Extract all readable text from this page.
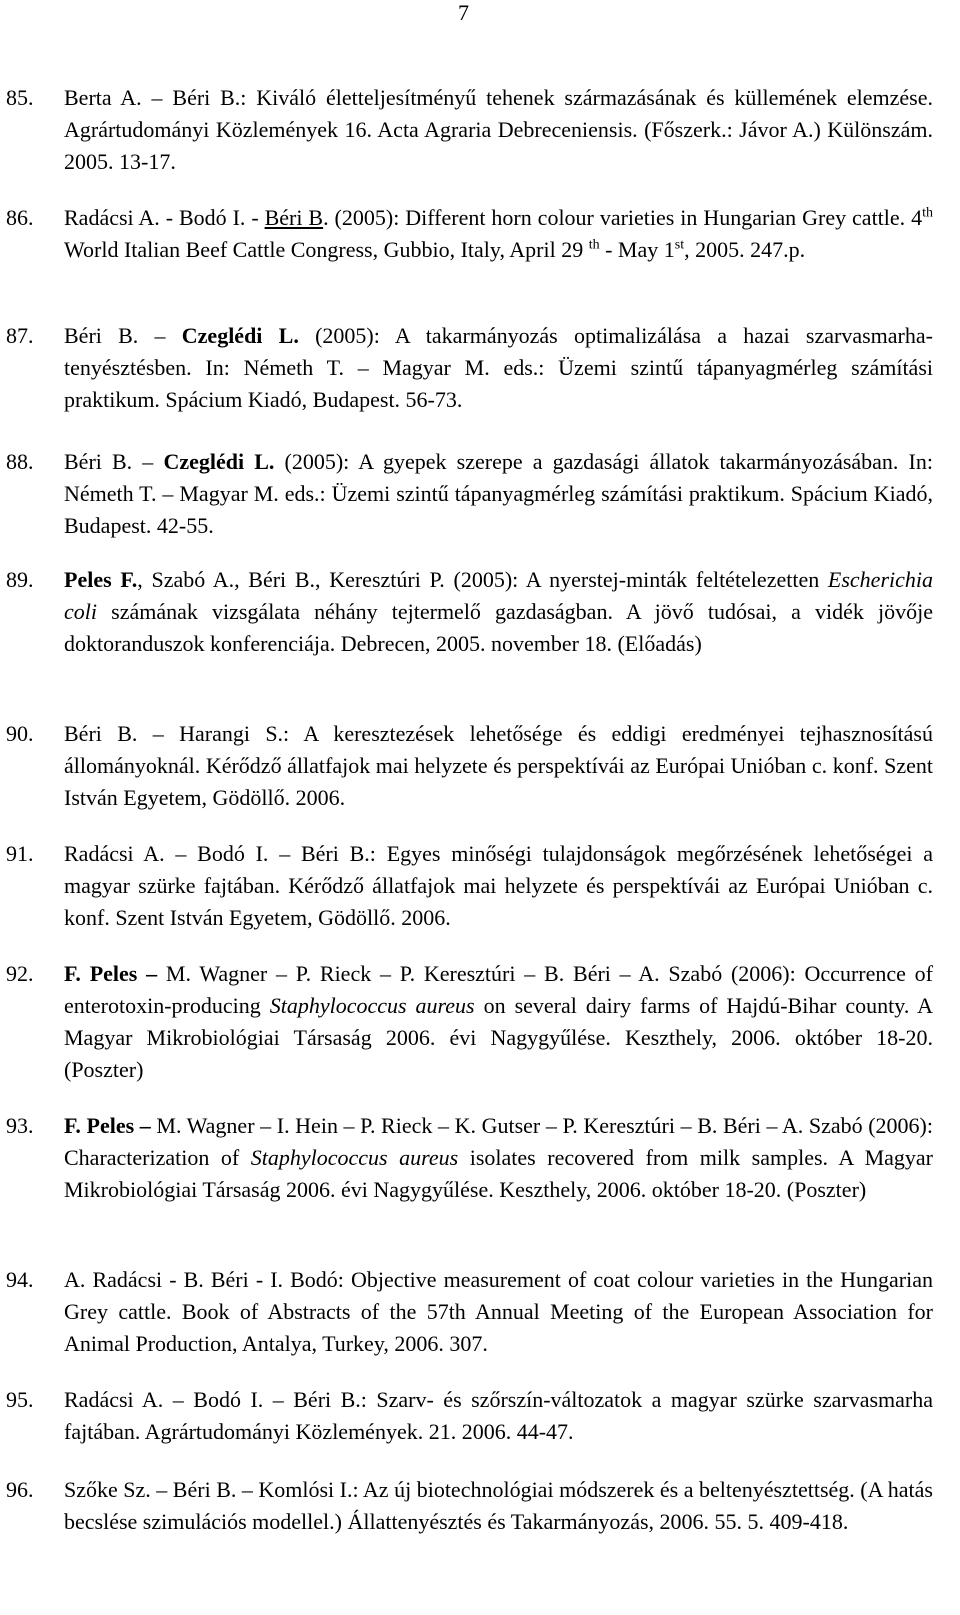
7
85. Berta A. – Béri B.: Kiváló életteljesítményű tehenek származásának és küllemének elemzése. Agrártudományi Közlemények 16. Acta Agraria Debreceniensis. (Főszerk.: Jávor A.) Különszám. 2005. 13-17.
86. Radácsi A. - Bodó I. - Béri B. (2005): Different horn colour varieties in Hungarian Grey cattle. 4th World Italian Beef Cattle Congress, Gubbio, Italy, April 29 $^{th}$ - May 1st, 2005. 247.p.
87. Béri B. – Czeglédi L. (2005): A takarmányozás optimalizálása a hazai szarvasmarha-tenyésztésben. In: Németh T. – Magyar M. eds.: Üzemi szintű tápanyagmérleg számítási praktikum. Spácium Kiadó, Budapest. 56-73.
88. Béri B. – Czeglédi L. (2005): A gyepek szerepe a gazdasági állatok takarmányozásában. In: Németh T. – Magyar M. eds.: Üzemi szintű tápanyagmérleg számítási praktikum. Spácium Kiadó, Budapest. 42-55.
89. Peles F., Szabó A., Béri B., Keresztúri P. (2005): A nyerstej-minták feltételezetten Escherichia coli számának vizsgálata néhány tejtermelő gazdaságban. A jövő tudósai, a vidék jövője doktoranduszok konferenciája. Debrecen, 2005. november 18. (Előadás)
90. Béri B. – Harangi S.: A keresztezések lehetősége és eddigi eredményei tejhasznosítású állományoknál. Kérődző állatfajok mai helyzete és perspektívái az Európai Unióban c. konf. Szent István Egyetem, Gödöllő. 2006.
91. Radácsi A. – Bodó I. – Béri B.: Egyes minőségi tulajdonságok megőrzésének lehetőségei a magyar szürke fajtában. Kérődző állatfajok mai helyzete és perspektívái az Európai Unióban c. konf. Szent István Egyetem, Gödöllő. 2006.
92. F. Peles – M. Wagner – P. Rieck – P. Keresztúri – B. Béri – A. Szabó (2006): Occurrence of enterotoxin-producing Staphylococcus aureus on several dairy farms of Hajdú-Bihar county. A Magyar Mikrobiológiai Társaság 2006. évi Nagygyűlése. Keszthely, 2006. október 18-20. (Poszter)
93. F. Peles – M. Wagner – I. Hein – P. Rieck – K. Gutser – P. Keresztúri – B. Béri – A. Szabó (2006): Characterization of Staphylococcus aureus isolates recovered from milk samples. A Magyar Mikrobiológiai Társaság 2006. évi Nagygyűlése. Keszthely, 2006. október 18-20. (Poszter)
94. A. Radácsi - B. Béri - I. Bodó: Objective measurement of coat colour varieties in the Hungarian Grey cattle. Book of Abstracts of the 57th Annual Meeting of the European Association for Animal Production, Antalya, Turkey, 2006. 307.
95. Radácsi A. – Bodó I. – Béri B.: Szarv- és szőrszín-változatok a magyar szürke szarvasmarha fajtában. Agrártudományi Közlemények. 21. 2006. 44-47.
96. Szőke Sz. – Béri B. – Komlósi I.: Az új biotechnológiai módszerek és a beltenyésztettség. (A hatás becslése szimulációs modellel.) Állattenyésztés és Takarmányozás, 2006. 55. 5. 409-418.
